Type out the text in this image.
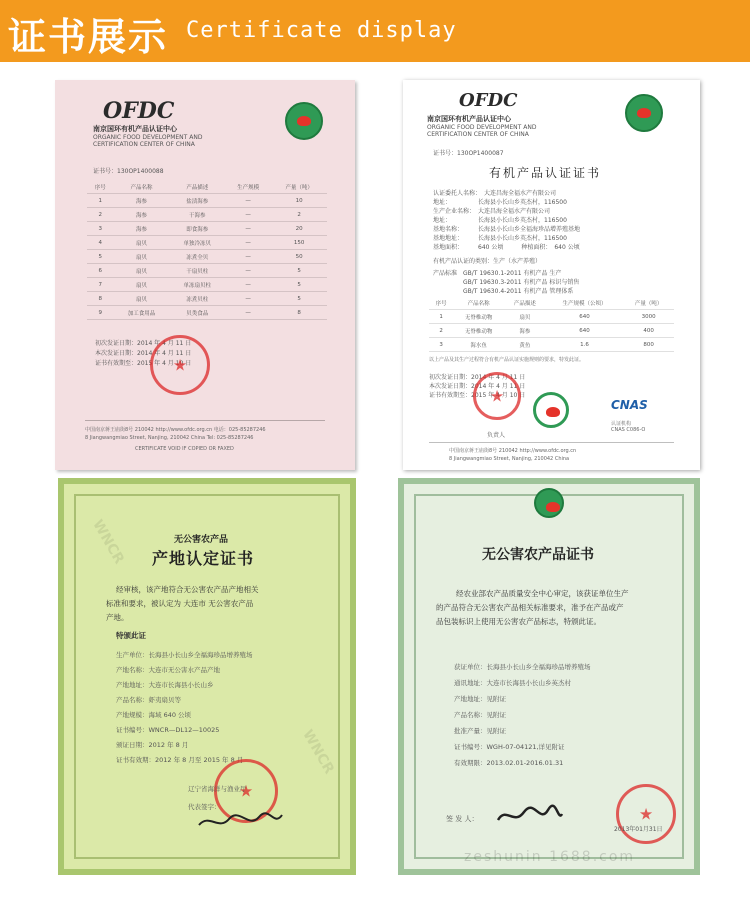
证书展示 Certificate display
OFDC
南京国环有机产品认证中心
ORGANIC FOOD DEVELOPMENT AND
CERTIFICATION CENTER OF CHINA
证书号：130OP1400088
序号	产品名称	产品描述	生产规模	产量（吨）
1	海参	盐渍海参	—	10
2	海参	干海参	—	2
3	海参	即食海参	—	20
4	扇贝	单独冷冻贝	—	150
5	扇贝	冻煮全贝	—	50
6	扇贝	干扇贝柱	—	5
7	扇贝	单冻扇贝柱	—	5
8	扇贝	冻煮贝柱	—	5
9	加工食用品	贝类食品	—	8
初次发证日期：2014 年 4 月 11 日
本次发证日期：2014 年 4 月 11 日
证书有效期至：2015 年 4 月 10 日
★
中国南京蒋王庙街8号 210042 http://www.ofdc.org.cn 电话：025-85287246
8 Jiangwangmiao Street, Nanjing, 210042 China Tel: 025-85287246
CERTIFICATE VOID IF COPIED OR FAXED
OFDC
南京国环有机产品认证中心
ORGANIC FOOD DEVELOPMENT AND
CERTIFICATION CENTER OF CHINA
证书号：130OP1400087
有机产品认证证书
认证委托人名称：　大连昌海全福水产有限公司
地址：　　　　　长海县小长山乡英杰村，116500
生产企业名称：　大连昌海全福水产有限公司
地址：　　　　　长海县小长山乡英杰村，116500
基地名称：　　　长海县小长山乡全福海珍品增养殖基地
基地地址：　　　长海县小长山乡英杰村，116500
基地面积：　　　640 公顷　　　种植面积：　640 公顷
有机产品认证的类别：生产（水产养殖）
产品标准　GB/T 19630.1-2011 有机产品 生产
　　　　　GB/T 19630.3-2011 有机产品 标识与销售
　　　　　GB/T 19630.4-2011 有机产品 管理体系
序号	产品名称	产品描述	生产规模（公顷）	产量（吨）
1	无脊椎动物	扇贝	640	3000
2	无脊椎动物	海参	640	400
3	海水鱼	黄鱼	1.6	800
以上产品及其生产过程符合有机产品认证实施规则的要求，特发此证。
初次发证日期：2014 年 4 月 11 日
本次发证日期：2014 年 4 月 11 日
证书有效期至：2015 年 4 月 10 日
★
负责人
CNAS
认证机构
CNAS C086-O
中国南京蒋王庙街8号 210042 http://www.ofdc.org.cn
8 Jiangwangmiao Street, Nanjing, 210042 China
WNCR
WNCR
无公害农产品
产地认定证书
经审核，该产地符合无公害农产品产地相关
标准和要求，被认定为 大连市 无公害农产品
产地。
特颁此证
生产单位：长海县小长山乡全福海珍品增养殖场
产地名称：大连市无公害水产品产地
产地地址：大连市长海县小长山乡
产品名称：虾夷扇贝等
产地规模：海域 640 公顷
证书编号：WNCR—DL12—10025
颁证日期：2012 年 8 月
证书有效期：2012 年 8 月至 2015 年 8 月
★
辽宁省海洋与渔业厅
代表签字：
无公害农产品证书
经农业部农产品质量安全中心审定，该获证单位生产
的产品符合无公害农产品相关标准要求，准予在产品或产
品包装标识上使用无公害农产品标志，特颁此证。
获证单位：长海县小长山乡全福海珍品增养殖场
通讯地址：大连市长海县小长山乡英杰村
产地地址：见附证
产品名称：见附证
批准产量：见附证
证书编号：WGH-07-04121,详见附证
有效期限：2013.02.01-2016.01.31
签 发 人：
★
2013年01月31日
zeshunin 1688.com
